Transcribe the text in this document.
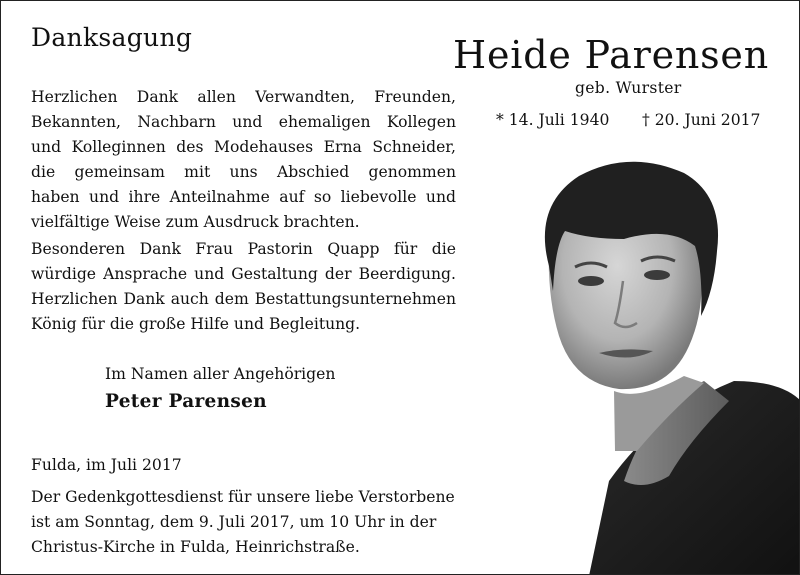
Danksagung

Herzlichen Dank allen Verwandten, Freunden,
Bekannten, Nachbarn und ehemaligen Kollegen
und Kolleginnen des Modehauses Erna Schneider,
die gemeinsam mit uns Abschied genommen
haben und ihre Anteilnahme auf so liebevolle und
vielfältige Weise zum Ausdruck brachten.

Besonderen Dank Frau Pastorin Quapp für die
würdige Ansprache und Gestaltung der Beerdigung.
Herzlichen Dank auch dem Bestattungsunternehmen
König für die große Hilfe und Begleitung.

Im Namen aller Angehörigen
Peter Parensen
Fulda, im Juli 2017

Der Gedenkgottesdienst für unsere liebe Verstorbene
ist am Sonntag, dem 9. Juli 2017, um 10 Uhr in der
Christus-Kirche in Fulda, Heinrichstraße.

Heide Parensen
geb. Wurster
* 14. Juli 1940 † 20. Juni 2017
